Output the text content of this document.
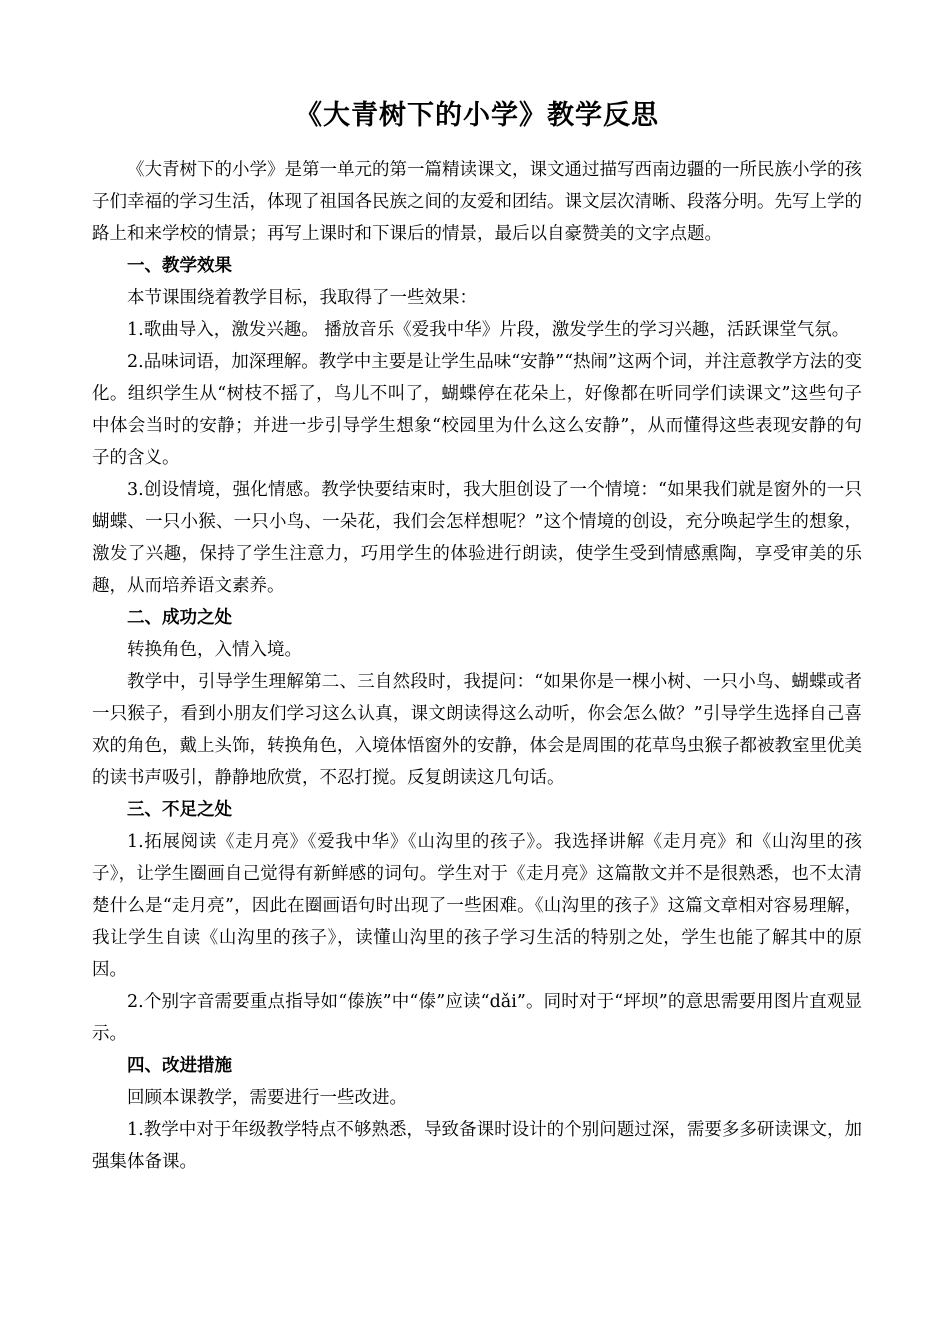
《大青树下的小学》教学反思

《大青树下的小学》是第一单元的第一篇精读课文，课文通过描写西南边疆的一所民族小学的孩子们幸福的学习生活，体现了祖国各民族之间的友爱和团结。课文层次清晰、段落分明。先写上学的路上和来学校的情景；再写上课时和下课后的情景，最后以自豪赞美的文字点题。

一、教学效果

本节课围绕着教学目标，我取得了一些效果：

1.歌曲导入，激发兴趣。 播放音乐《爱我中华》片段，激发学生的学习兴趣，活跃课堂气氛。

2.品味词语，加深理解。教学中主要是让学生品味“安静”“热闹”这两个词，并注意教学方法的变化。组织学生从“树枝不摇了，鸟儿不叫了，蝴蝶停在花朵上，好像都在听同学们读课文”这些句子中体会当时的安静；并进一步引导学生想象“校园里为什么这么安静”，从而懂得这些表现安静的句子的含义。

3.创设情境，强化情感。教学快要结束时，我大胆创设了一个情境：“如果我们就是窗外的一只蝴蝶、一只小猴、一只小鸟、一朵花，我们会怎样想呢？”这个情境的创设，充分唤起学生的想象，激发了兴趣，保持了学生注意力，巧用学生的体验进行朗读，使学生受到情感熏陶，享受审美的乐趣，从而培养语文素养。

二、成功之处

转换角色，入情入境。

教学中，引导学生理解第二、三自然段时，我提问：“如果你是一棵小树、一只小鸟、蝴蝶或者一只猴子，看到小朋友们学习这么认真，课文朗读得这么动听，你会怎么做？”引导学生选择自己喜欢的角色，戴上头饰，转换角色，入境体悟窗外的安静，体会是周围的花草鸟虫猴子都被教室里优美的读书声吸引，静静地欣赏，不忍打搅。反复朗读这几句话。

三、不足之处

1.拓展阅读《走月亮》《爱我中华》《山沟里的孩子》。我选择讲解《走月亮》和《山沟里的孩子》，让学生圈画自己觉得有新鲜感的词句。学生对于《走月亮》这篇散文并不是很熟悉，也不太清楚什么是“走月亮”，因此在圈画语句时出现了一些困难。《山沟里的孩子》这篇文章相对容易理解，我让学生自读《山沟里的孩子》，读懂山沟里的孩子学习生活的特别之处，学生也能了解其中的原因。

2.个别字音需要重点指导如“傣族”中“傣”应读“dǎi”。同时对于“坪坝”的意思需要用图片直观显示。

四、改进措施

回顾本课教学，需要进行一些改进。

1.教学中对于年级教学特点不够熟悉，导致备课时设计的个别问题过深，需要多多研读课文，加强集体备课。
